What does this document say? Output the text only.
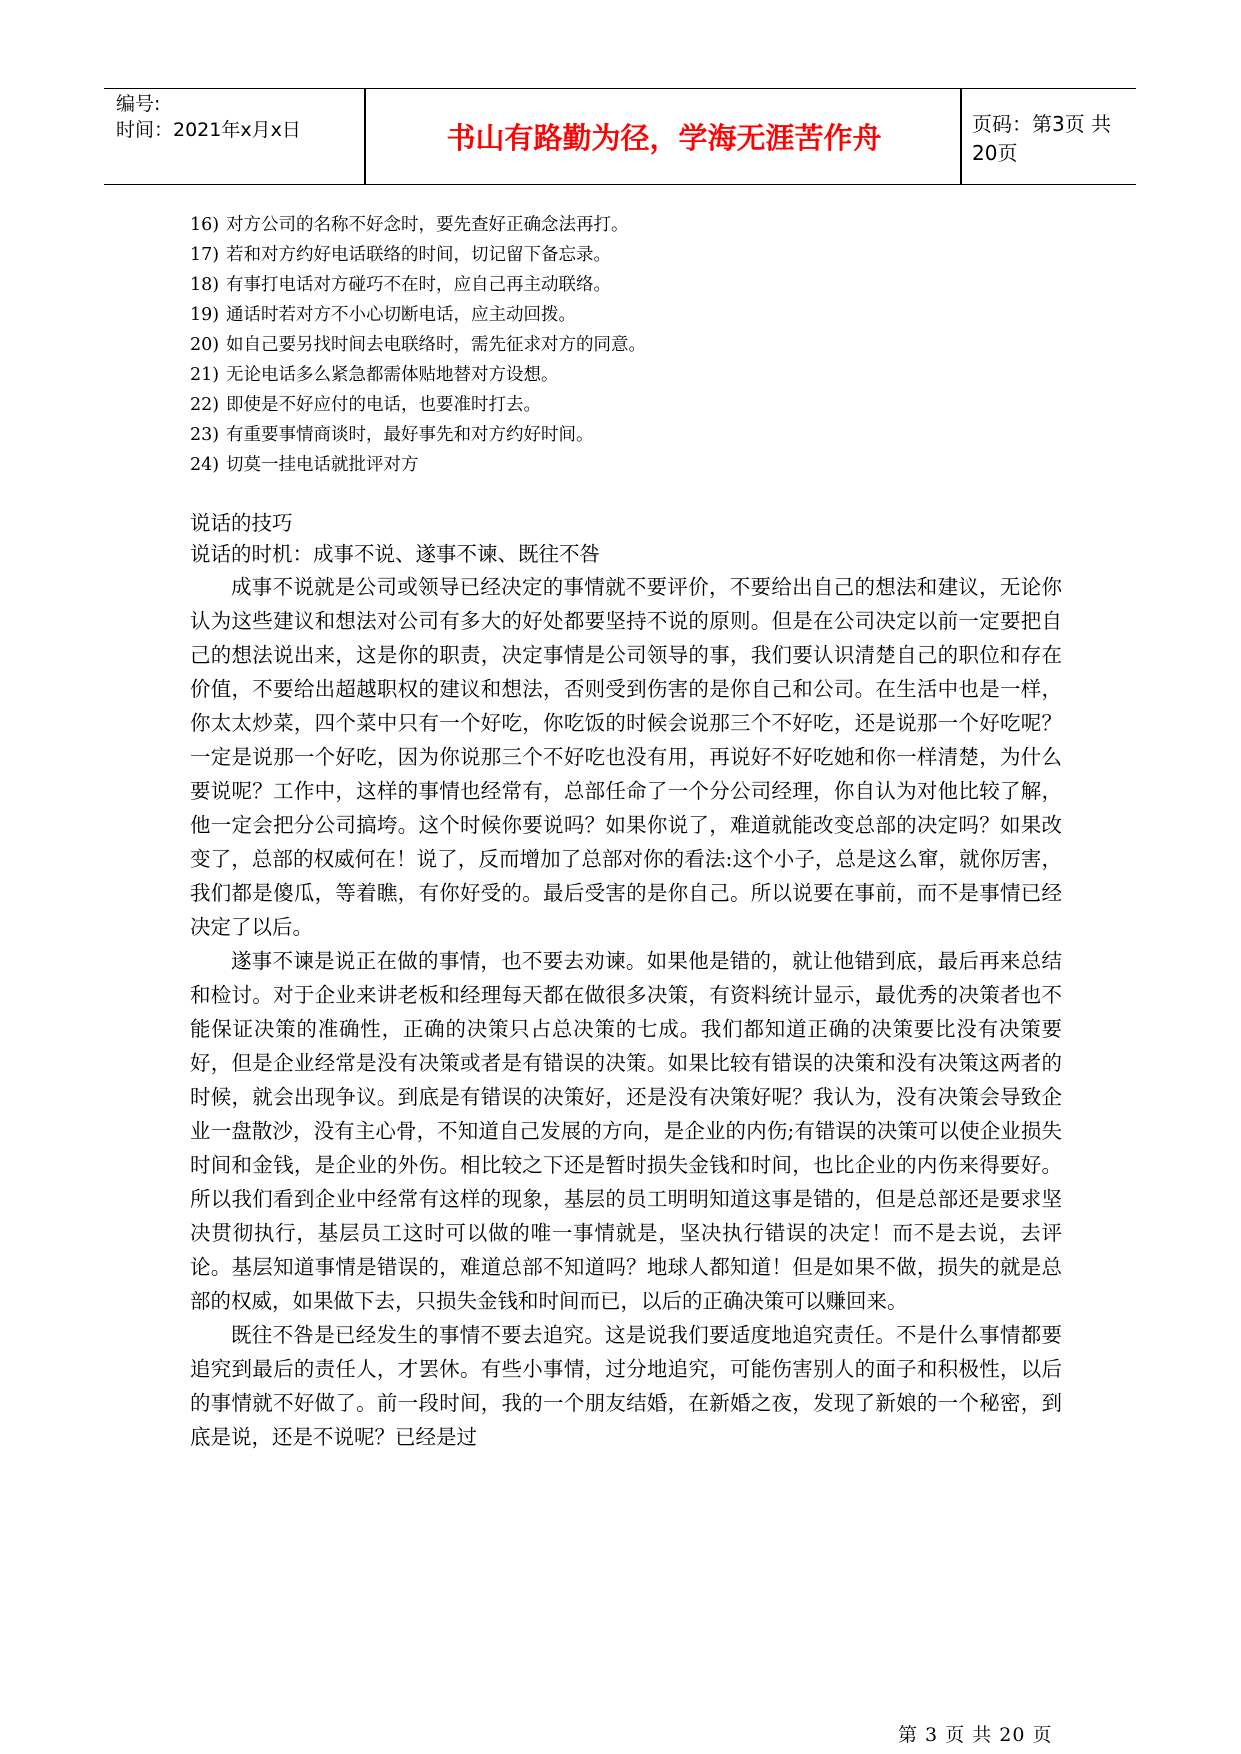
编号:
时间：2021年x月x日	书山有路勤为径，学海无涯苦作舟	页码：第3页 共20页
16) 对方公司的名称不好念时，要先查好正确念法再打。
17) 若和对方约好电话联络的时间，切记留下备忘录。
18) 有事打电话对方碰巧不在时，应自己再主动联络。
19) 通话时若对方不小心切断电话，应主动回拨。
20) 如自己要另找时间去电联络时，需先征求对方的同意。
21) 无论电话多么紧急都需体贴地替对方设想。
22) 即使是不好应付的电话，也要准时打去。
23) 有重要事情商谈时，最好事先和对方约好时间。
24) 切莫一挂电话就批评对方
说话的技巧
说话的时机：成事不说、遂事不谏、既往不咎

成事不说就是公司或领导已经决定的事情就不要评价，不要给出自己的想法和建议，无论你认为这些建议和想法对公司有多大的好处都要坚持不说的原则。但是在公司决定以前一定要把自己的想法说出来，这是你的职责，决定事情是公司领导的事，我们要认识清楚自己的职位和存在价值，不要给出超越职权的建议和想法，否则受到伤害的是你自己和公司。在生活中也是一样，你太太炒菜，四个菜中只有一个好吃，你吃饭的时候会说那三个不好吃，还是说那一个好吃呢？一定是说那一个好吃，因为你说那三个不好吃也没有用，再说好不好吃她和你一样清楚，为什么要说呢？工作中，这样的事情也经常有，总部任命了一个分公司经理，你自认为对他比较了解，他一定会把分公司搞垮。这个时候你要说吗？如果你说了，难道就能改变总部的决定吗？如果改变了，总部的权威何在！说了，反而增加了总部对你的看法:这个小子，总是这么窜，就你厉害，我们都是傻瓜，等着瞧，有你好受的。最后受害的是你自己。所以说要在事前，而不是事情已经决定了以后。

遂事不谏是说正在做的事情，也不要去劝谏。如果他是错的，就让他错到底，最后再来总结和检讨。对于企业来讲老板和经理每天都在做很多决策，有资料统计显示，最优秀的决策者也不能保证决策的准确性，正确的决策只占总决策的七成。我们都知道正确的决策要比没有决策要好，但是企业经常是没有决策或者是有错误的决策。如果比较有错误的决策和没有决策这两者的时候，就会出现争议。到底是有错误的决策好，还是没有决策好呢？我认为，没有决策会导致企业一盘散沙，没有主心骨，不知道自己发展的方向，是企业的内伤;有错误的决策可以使企业损失时间和金钱，是企业的外伤。相比较之下还是暂时损失金钱和时间，也比企业的内伤来得要好。所以我们看到企业中经常有这样的现象，基层的员工明明知道这事是错的，但是总部还是要求坚决贯彻执行，基层员工这时可以做的唯一事情就是，坚决执行错误的决定！而不是去说，去评论。基层知道事情是错误的，难道总部不知道吗？地球人都知道！但是如果不做，损失的就是总部的权威，如果做下去，只损失金钱和时间而已，以后的正确决策可以赚回来。

既往不咎是已经发生的事情不要去追究。这是说我们要适度地追究责任。不是什么事情都要追究到最后的责任人，才罢休。有些小事情，过分地追究，可能伤害别人的面子和积极性，以后的事情就不好做了。前一段时间，我的一个朋友结婚，在新婚之夜，发现了新娘的一个秘密，到底是说，还是不说呢？已经是过

第 3 页 共 20 页
